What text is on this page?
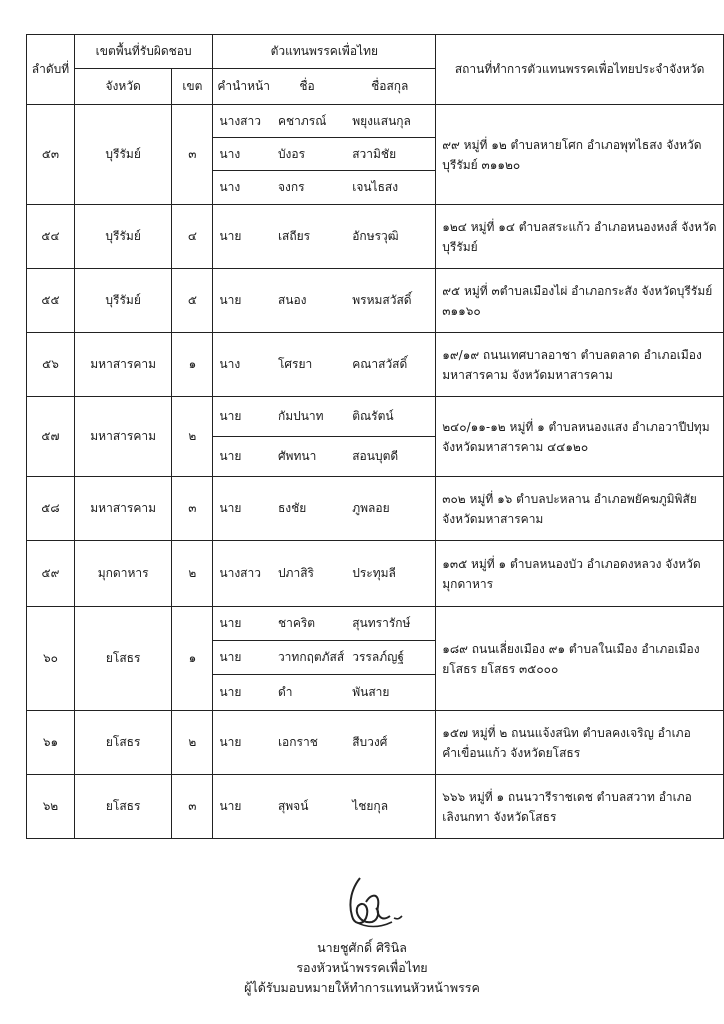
ลำดับที่	เขตพื้นที่รับผิดชอบ		ตัวแทนพรรคเพื่อไทย			สถานที่ทำการตัวแทนพรรคเพื่อไทยประจำจังหวัด
	จังหวัด	เขต	คำนำหน้า	ชื่อ	ชื่อสกุล	
๕๓	บุรีรัมย์	๓	นางสาว	คชาภรณ์	พยุงแสนกุล	๙๙ หมู่ที่ ๑๒ ตำบลหายโศก อำเภอพุทไธสง จังหวัดบุรีรัมย์ ๓๑๑๒๐
			นาง	บังอร	สวามิชัย	
			นาง	จงกร	เจนไธสง	
๕๔	บุรีรัมย์	๔	นาย	เสถียร	อักษรวุฒิ	๑๒๔ หมู่ที่ ๑๔ ตำบลสระแก้ว อำเภอหนองหงส์ จังหวัดบุรีรัมย์
๕๕	บุรีรัมย์	๕	นาย	สนอง	พรหมสวัสดิ์	๙๕ หมู่ที่ ๓ตำบลเมืองไผ่ อำเภอกระสัง จังหวัดบุรีรัมย์ ๓๑๑๖๐
๕๖	มหาสารคาม	๑	นาง	โศรยา	คณาสวัสดิ์	๑๙/๑๙ ถนนเทศบาลอาชา ตำบลตลาด อำเภอเมืองมหาสารคาม จังหวัดมหาสารคาม
๕๗	มหาสารคาม	๒	นาย	กัมปนาท	ติณรัตน์	๒๔๐/๑๑-๑๒ หมู่ที่ ๑ ตำบลหนองแสง อำเภอวาปีปทุม จังหวัดมหาสารคาม ๔๔๑๒๐
			นาย	ศัพทนา	สอนบุตดี	
๕๘	มหาสารคาม	๓	นาย	ธงชัย	ภูพลอย	๓๐๒ หมู่ที่ ๑๖ ตำบลปะหลาน อำเภอพยัคฆภูมิพิสัย จังหวัดมหาสารคาม
๕๙	มุกดาหาร	๒	นางสาว	ปภาสิริ	ประทุมลี	๑๓๕ หมู่ที่ ๑ ตำบลหนองบัว อำเภอดงหลวง จังหวัดมุกดาหาร
๖๐	ยโสธร	๑	นาย	ชาคริต	สุนทรารักษ์	๑๘๙ ถนนเลี่ยงเมือง ๙๑ ตำบลในเมือง อำเภอเมืองยโสธร ยโสธร ๓๕๐๐๐
			นาย	วาทกฤตภัสส์	วรรลภ์ญฐ์	
			นาย	ดำ	พันสาย	
๖๑	ยโสธร	๒	นาย	เอกราช	สีบวงศ์	๑๕๗ หมู่ที่ ๒ ถนนแจ้งสนิท ตำบลคงเจริญ อำเภอคำเขื่อนแก้ว จังหวัดยโสธร
๖๒	ยโสธร	๓	นาย	สุพจน์	ไชยกุล	๖๖๖ หมู่ที่ ๑ ถนนวารีราชเดช ตำบลสวาท อำเภอเลิงนกทา จังหวัดโสธร
นายชูศักดิ์ ศิรินิล
รองหัวหน้าพรรคเพื่อไทย
ผู้ได้รับมอบหมายให้ทำการแทนหัวหน้าพรรค
